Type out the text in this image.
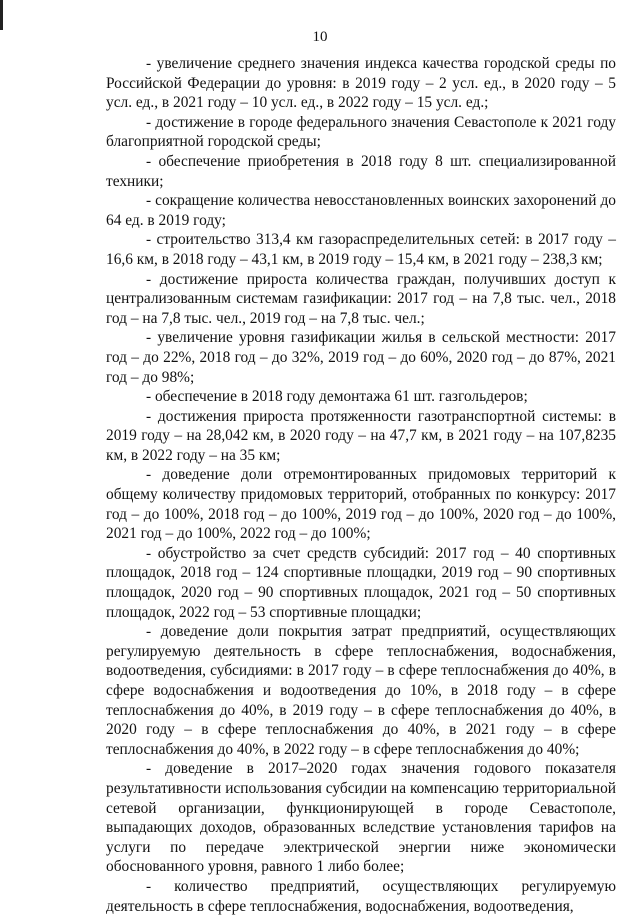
10

- увеличение среднего значения индекса качества городской среды по Российской Федерации до уровня: в 2019 году – 2 усл. ед., в 2020 году – 5 усл. ед., в 2021 году – 10 усл. ед., в 2022 году – 15 усл. ед.;

- достижение в городе федерального значения Севастополе к 2021 году благоприятной городской среды;

- обеспечение приобретения в 2018 году 8 шт. специализированной техники;

- сокращение количества невосстановленных воинских захоронений до 64 ед. в 2019 году;

- строительство 313,4 км газораспределительных сетей: в 2017 году – 16,6 км, в 2018 году – 43,1 км, в 2019 году – 15,4 км, в 2021 году – 238,3 км;

- достижение прироста количества граждан, получивших доступ к централизованным системам газификации: 2017 год – на 7,8 тыс. чел., 2018 год – на 7,8 тыс. чел., 2019 год – на 7,8 тыс. чел.;

- увеличение уровня газификации жилья в сельской местности: 2017 год – до 22%, 2018 год – до 32%, 2019 год – до 60%, 2020 год – до 87%, 2021 год – до 98%;

- обеспечение в 2018 году демонтажа 61 шт. газгольдеров;

- достижения прироста протяженности газотранспортной системы: в 2019 году – на 28,042 км, в 2020 году – на 47,7 км, в 2021 году – на 107,8235 км, в 2022 году – на 35 км;

- доведение доли отремонтированных придомовых территорий к общему количеству придомовых территорий, отобранных по конкурсу: 2017 год – до 100%, 2018 год – до 100%, 2019 год – до 100%, 2020 год – до 100%, 2021 год – до 100%, 2022 год – до 100%;

- обустройство за счет средств субсидий: 2017 год – 40 спортивных площадок, 2018 год – 124 спортивные площадки, 2019 год – 90 спортивных площадок, 2020 год – 90 спортивных площадок, 2021 год – 50 спортивных площадок, 2022 год – 53 спортивные площадки;

- доведение доли покрытия затрат предприятий, осуществляющих регулируемую деятельность в сфере теплоснабжения, водоснабжения, водоотведения, субсидиями: в 2017 году – в сфере теплоснабжения до 40%, в сфере водоснабжения и водоотведения до 10%, в 2018 году – в сфере теплоснабжения до 40%, в 2019 году – в сфере теплоснабжения до 40%, в 2020 году – в сфере теплоснабжения до 40%, в 2021 году – в сфере теплоснабжения до 40%, в 2022 году – в сфере теплоснабжения до 40%;

- доведение в 2017–2020 годах значения годового показателя результативности использования субсидии на компенсацию территориальной сетевой организации, функционирующей в городе Севастополе, выпадающих доходов, образованных вследствие установления тарифов на услуги по передаче электрической энергии ниже экономически обоснованного уровня, равного 1 либо более;

- количество предприятий, осуществляющих регулируемую деятельность в сфере теплоснабжения, водоснабжения, водоотведения,
